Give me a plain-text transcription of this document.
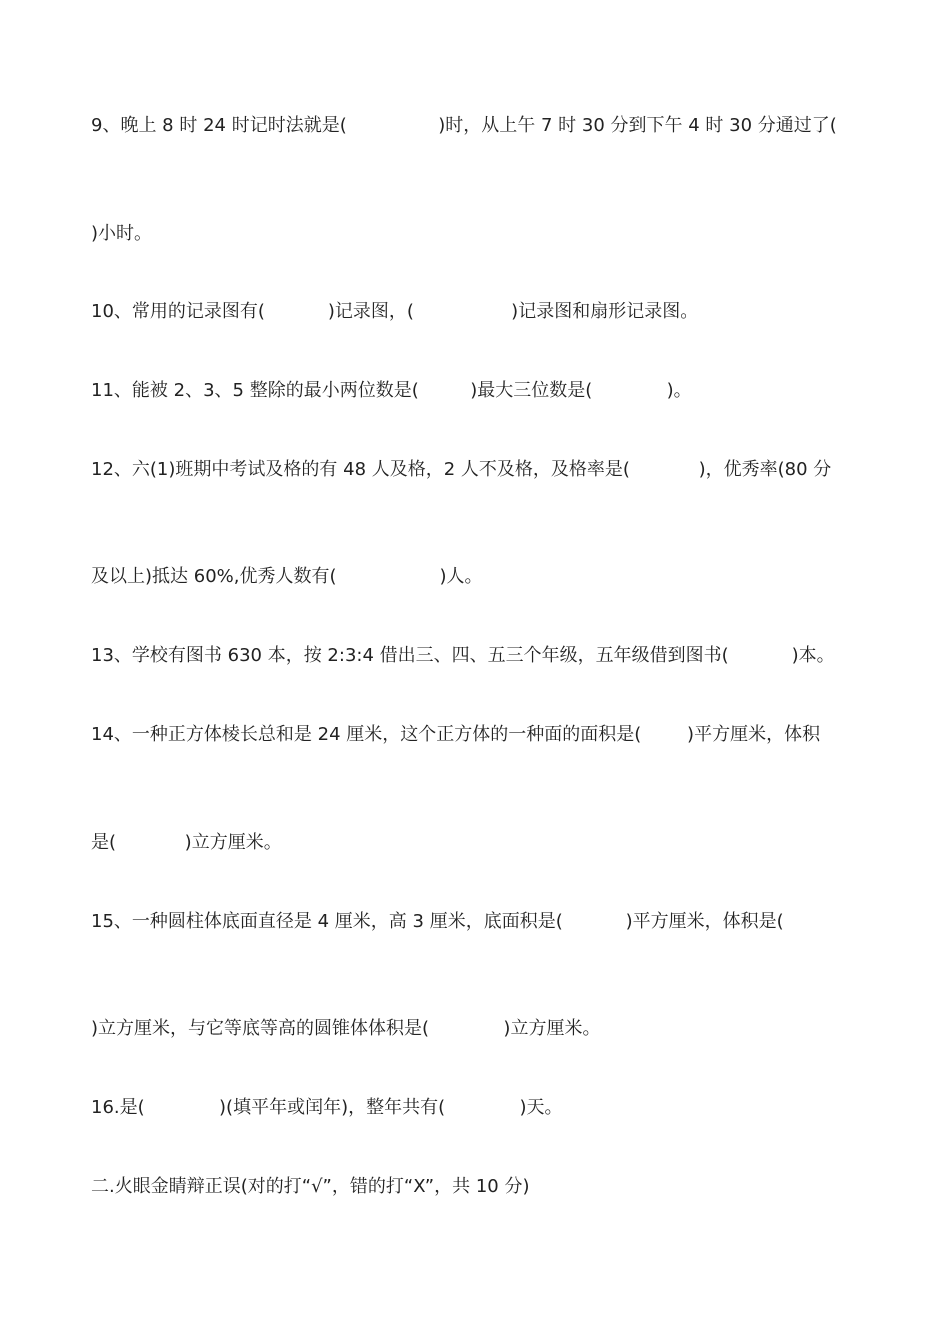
9、晚上 8 时 24 时记时法就是(                )时，从上午 7 时 30 分到下午 4 时 30 分通过了(

)小时。

10、常用的记录图有(           )记录图，(                 )记录图和扇形记录图。

11、能被 2、3、5 整除的最小两位数是(         )最大三位数是(             )。

12、六(1)班期中考试及格的有 48 人及格，2 人不及格，及格率是(            )，优秀率(80 分

及以上)抵达 60%,优秀人数有(                  )人。

13、学校有图书 630 本，按 2:3:4 借出三、四、五三个年级，五年级借到图书(           )本。

14、一种正方体棱长总和是 24 厘米，这个正方体的一种面的面积是(        )平方厘米，体积

是(            )立方厘米。

15、一种圆柱体底面直径是 4 厘米，高 3 厘米，底面积是(           )平方厘米，体积是(

)立方厘米，与它等底等高的圆锥体体积是(             )立方厘米。

16.是(             )(填平年或闰年)，整年共有(             )天。

二.火眼金睛辩正误(对的打“√”，错的打“X”，共 10 分)
